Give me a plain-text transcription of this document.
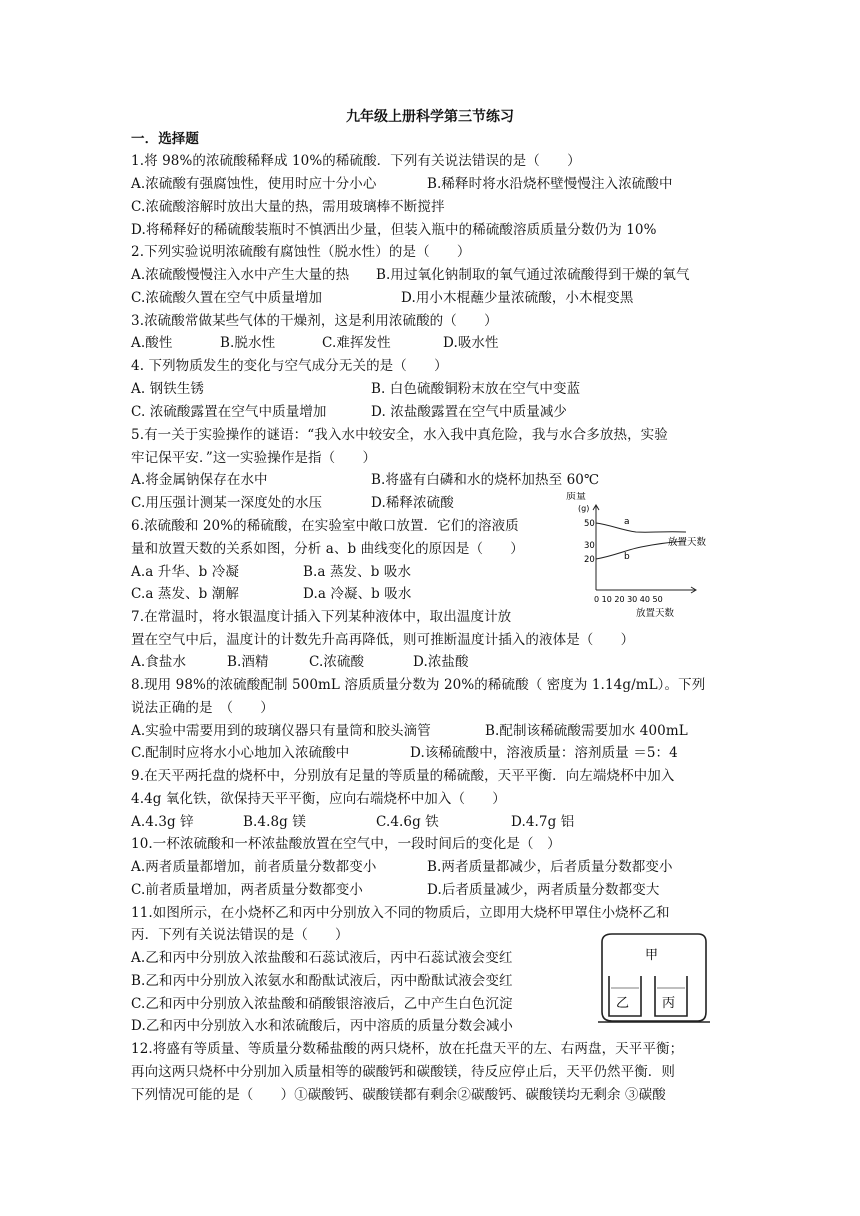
九年级上册科学第三节练习
一．选择题
1.将 98%的浓硫酸稀释成 10%的稀硫酸．下列有关说法错误的是（　　）
A.浓硫酸有强腐蚀性，使用时应十分小心	B.稀释时将水沿烧杯壁慢慢注入浓硫酸中
C.浓硫酸溶解时放出大量的热，需用玻璃棒不断搅拌
D.将稀释好的稀硫酸装瓶时不慎洒出少量，但装入瓶中的稀硫酸溶质质量分数仍为 10%
2.下列实验说明浓硫酸有腐蚀性（脱水性）的是（　　）
A.浓硫酸慢慢注入水中产生大量的热 B.用过氧化钠制取的氧气通过浓硫酸得到干燥的氧气
C.浓硫酸久置在空气中质量增加	D.用小木棍蘸少量浓硫酸，小木棍变黑
3.浓硫酸常做某些气体的干燥剂，这是利用浓硫酸的（　　）
A.酸性	B.脱水性	C.难挥发性	D.吸水性
4. 下列物质发生的变化与空气成分无关的是（　　）
A. 钢铁生锈	B. 白色硫酸铜粉末放在空气中变蓝
C. 浓硫酸露置在空气中质量增加	D. 浓盐酸露置在空气中质量减少
5.有一关于实验操作的谜语：“我入水中较安全，水入我中真危险，我与水合多放热，实验
牢记保平安．”这一实验操作是指（　　）
A.将金属钠保存在水中	B.将盛有白磷和水的烧杯加热至 60℃
C.用压强计测某一深度处的水压	D.稀释浓硫酸
6.浓硫酸和 20%的稀硫酸，在实验室中敞口放置．它们的溶液质
量和放置天数的关系如图，分析 a、b 曲线变化的原因是（　　）
A.a 升华、b 冷凝	B.a 蒸发、b 吸水
C.a 蒸发、b 潮解	D.a 冷凝、b 吸水
质量
(g)
50
30
20
a
b
放置天数
0 10 20 30 40 50
放置天数
7.在常温时，将水银温度计插入下列某种液体中，取出温度计放
置在空气中后，温度计的计数先升高再降低，则可推断温度计插入的液体是（　　）
A.食盐水	B.酒精	C.浓硫酸	D.浓盐酸
8.现用 98%的浓硫酸配制 500mL 溶质质量分数为 20%的稀硫酸（ 密度为 1.14g/mL）。下列
说法正确的是　（　　）
A.实验中需要用到的玻璃仪器只有量筒和胶头滴管	B.配制该稀硫酸需要加水 400mL
C.配制时应将水小心地加入浓硫酸中	D.该稀硫酸中，溶液质量：溶剂质量 ＝5：4
9.在天平两托盘的烧杯中，分别放有足量的等质量的稀硫酸，天平平衡．向左端烧杯中加入
4.4g 氧化铁，欲保持天平平衡，应向右端烧杯中加入（　　）
A.4.3g 锌	B.4.8g 镁	C.4.6g 铁	D.4.7g 铝
10.一杯浓硫酸和一杯浓盐酸放置在空气中，一段时间后的变化是（　）
A.两者质量都增加，前者质量分数都变小	B.两者质量都减少，后者质量分数都变小
C.前者质量增加，两者质量分数都变小	D.后者质量减少，两者质量分数都变大
11.如图所示，在小烧杯乙和丙中分别放入不同的物质后，立即用大烧杯甲罩住小烧杯乙和
丙．下列有关说法错误的是（　　）
A.乙和丙中分别放入浓盐酸和石蕊试液后，丙中石蕊试液会变红
B.乙和丙中分别放入浓氨水和酚酞试液后，丙中酚酞试液会变红
C.乙和丙中分别放入浓盐酸和硝酸银溶液后，乙中产生白色沉淀
D.乙和丙中分别放入水和浓硫酸后，丙中溶质的质量分数会减小
甲
乙	丙
12.将盛有等质量、等质量分数稀盐酸的两只烧杯，放在托盘天平的左、右两盘，天平平衡；
再向这两只烧杯中分别加入质量相等的碳酸钙和碳酸镁，待反应停止后，天平仍然平衡．则
下列情况可能的是（　　）①碳酸钙、碳酸镁都有剩余②碳酸钙、碳酸镁均无剩余 ③碳酸
